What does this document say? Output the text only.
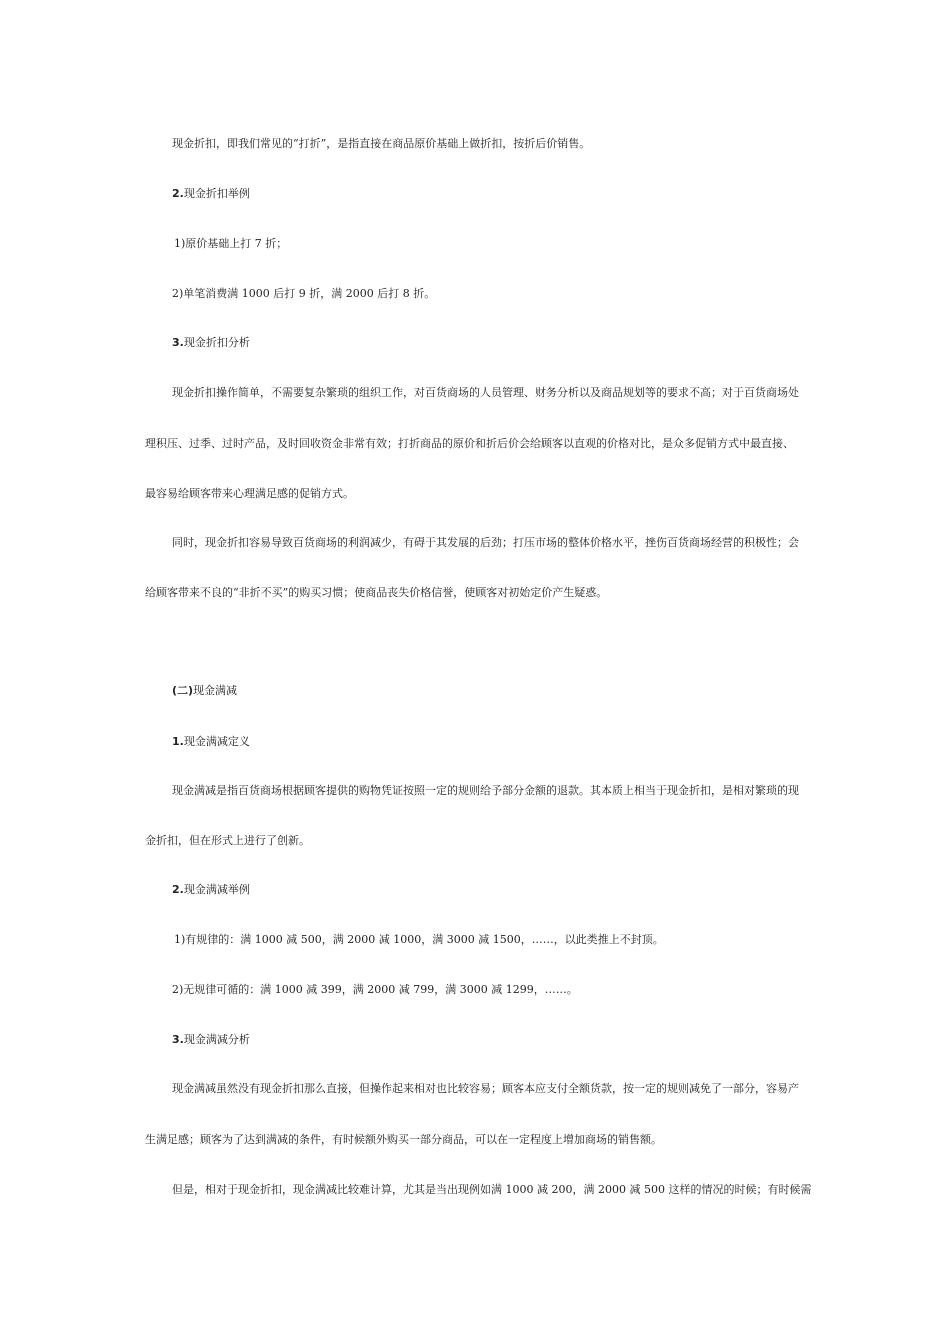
现金折扣，即我们常见的“打折”，是指直接在商品原价基础上做折扣，按折后价销售。
2.现金折扣举例
1)原价基础上打 7 折；
2)单笔消费满 1000 后打 9 折，满 2000 后打 8 折。
3.现金折扣分析
现金折扣操作简单，不需要复杂繁琐的组织工作，对百货商场的人员管理、财务分析以及商品规划等的要求不高；对于百货商场处
理积压、过季、过时产品，及时回收资金非常有效；打折商品的原价和折后价会给顾客以直观的价格对比，是众多促销方式中最直接、
最容易给顾客带来心理满足感的促销方式。
同时，现金折扣容易导致百货商场的利润减少，有碍于其发展的后劲；打压市场的整体价格水平，挫伤百货商场经营的积极性；会
给顾客带来不良的“非折不买”的购买习惯；使商品丧失价格信誉，使顾客对初始定价产生疑惑。
(二)现金满减
1.现金满减定义
现金满减是指百货商场根据顾客提供的购物凭证按照一定的规则给予部分金额的退款。其本质上相当于现金折扣，是相对繁琐的现
金折扣，但在形式上进行了创新。
2.现金满减举例
1)有规律的：满 1000 减 500，满 2000 减 1000，满 3000 减 1500，……，以此类推上不封顶。
2)无规律可循的：满 1000 减 399，满 2000 减 799，满 3000 减 1299，……。
3.现金满减分析
现金满减虽然没有现金折扣那么直接，但操作起来相对也比较容易；顾客本应支付全额货款，按一定的规则减免了一部分，容易产
生满足感；顾客为了达到满减的条件，有时候额外购买一部分商品，可以在一定程度上增加商场的销售额。
但是，相对于现金折扣，现金满减比较难计算，尤其是当出现例如满 1000 减 200，满 2000 减 500 这样的情况的时候；有时候需
